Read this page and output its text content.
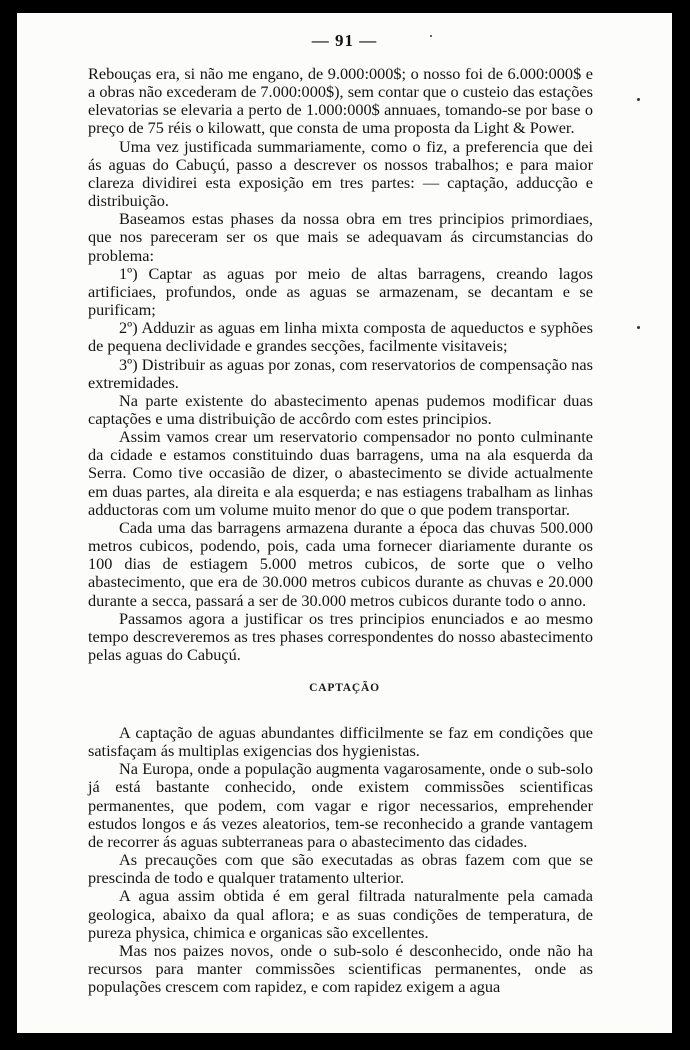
— 91 —

Rebouças era, si não me engano, de 9.000:000$; o nosso foi de 6.000:000$ e a obras não excederam de 7.000:000$), sem contar que o custeio das estações elevatorias se elevaria a perto de 1.000:000$ annuaes, tomando-se por base o preço de 75 réis o kilowatt, que consta de uma proposta da Light & Power.

Uma vez justificada summariamente, como o fiz, a preferencia que dei ás aguas do Cabuçú, passo a descrever os nossos trabalhos; e para maior clareza dividirei esta exposição em tres partes: — captação, adducção e distribuição.

Baseamos estas phases da nossa obra em tres principios primordiaes, que nos pareceram ser os que mais se adequavam ás circumstancias do problema:

1º) Captar as aguas por meio de altas barragens, creando lagos artificiaes, profundos, onde as aguas se armazenam, se decantam e se purificam;

2º) Adduzir as aguas em linha mixta composta de aqueductos e syphões de pequena declividade e grandes secções, facilmente visitaveis;

3º) Distribuir as aguas por zonas, com reservatorios de compensação nas extremidades.

Na parte existente do abastecimento apenas pudemos modificar duas captações e uma distribuição de accôrdo com estes principios.

Assim vamos crear um reservatorio compensador no ponto culminante da cidade e estamos constituindo duas barragens, uma na ala esquerda da Serra. Como tive occasião de dizer, o abastecimento se divide actualmente em duas partes, ala direita e ala esquerda; e nas estiagens trabalham as linhas adductoras com um volume muito menor do que o que podem transportar.

Cada uma das barragens armazena durante a época das chuvas 500.000 metros cubicos, podendo, pois, cada uma fornecer diariamente durante os 100 dias de estiagem 5.000 metros cubicos, de sorte que o velho abastecimento, que era de 30.000 metros cubicos durante as chuvas e 20.000 durante a secca, passará a ser de 30.000 metros cubicos durante todo o anno.

Passamos agora a justificar os tres principios enunciados e ao mesmo tempo descreveremos as tres phases correspondentes do nosso abastecimento pelas aguas do Cabuçú.

CAPTAÇÃO

A captação de aguas abundantes difficilmente se faz em condições que satisfaçam ás multiplas exigencias dos hygienistas.

Na Europa, onde a população augmenta vagarosamente, onde o sub-solo já está bastante conhecido, onde existem commissões scientificas permanentes, que podem, com vagar e rigor necessarios, emprehender estudos longos e ás vezes aleatorios, tem-se reconhecido a grande vantagem de recorrer ás aguas subterraneas para o abastecimento das cidades.

As precauções com que são executadas as obras fazem com que se prescinda de todo e qualquer tratamento ulterior.

A agua assim obtida é em geral filtrada naturalmente pela camada geologica, abaixo da qual aflora; e as suas condições de temperatura, de pureza physica, chimica e organicas são excellentes.

Mas nos paizes novos, onde o sub-solo é desconhecido, onde não ha recursos para manter commissões scientificas permanentes, onde as populações crescem com rapidez, e com rapidez exigem a agua
